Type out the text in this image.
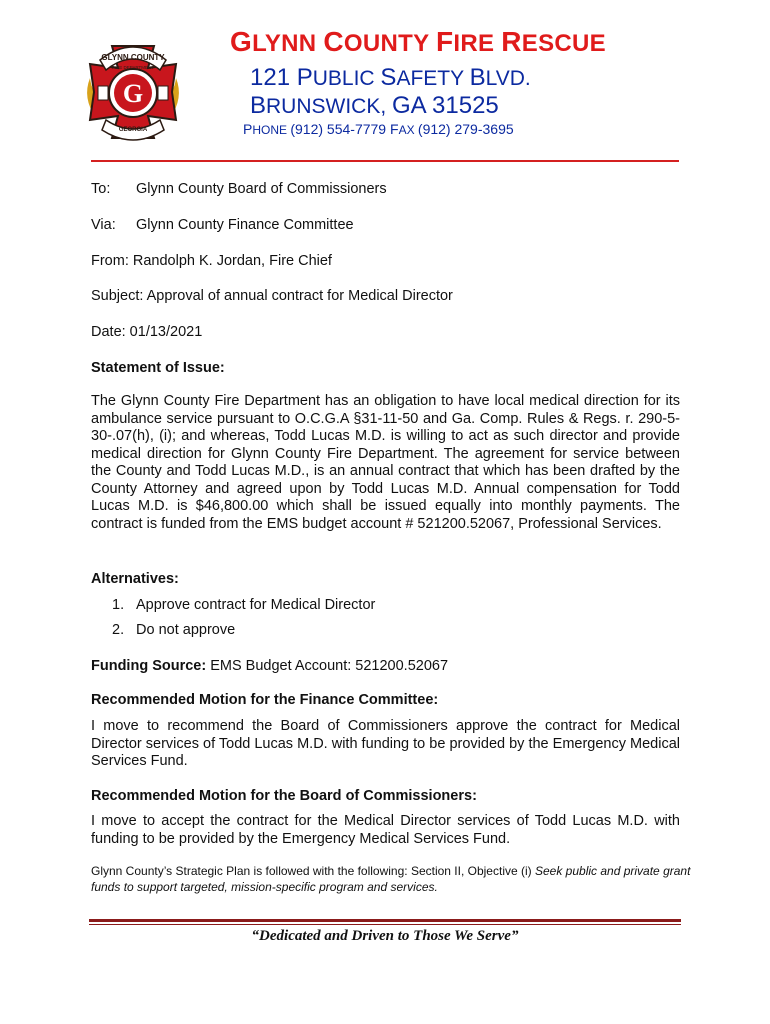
GLYNN COUNTY
FIRE DEPARTMENT
G
GEORGIA
GLYNN COUNTY FIRE RESCUE
121 PUBLIC SAFETY BLVD.
BRUNSWICK, GA 31525
PHONE (912) 554-7779 FAX (912) 279-3695
To: Glynn County Board of Commissioners
Via: Glynn County Finance Committee
From: Randolph K. Jordan, Fire Chief
Subject: Approval of annual contract for Medical Director
Date: 01/13/2021
Statement of Issue:

The Glynn County Fire Department has an obligation to have local medical direction for its ambulance service pursuant to O.C.G.A §31-11-50 and Ga. Comp. Rules & Regs. r. 290-5-30-.07(h), (i); and whereas, Todd Lucas M.D. is willing to act as such director and provide medical direction for Glynn County Fire Department. The agreement for service between the County and Todd Lucas M.D., is an annual contract that which has been drafted by the County Attorney and agreed upon by Todd Lucas M.D. Annual compensation for Todd Lucas M.D. is $46,800.00 which shall be issued equally into monthly payments. The contract is funded from the EMS budget account # 521200.52067, Professional Services.

Alternatives:
1. Approve contract for Medical Director
2. Do not approve
Funding Source: EMS Budget Account: 521200.52067
Recommended Motion for the Finance Committee:

I move to recommend the Board of Commissioners approve the contract for Medical Director services of Todd Lucas M.D. with funding to be provided by the Emergency Medical Services Fund.

Recommended Motion for the Board of Commissioners:

I move to accept the contract for the Medical Director services of Todd Lucas M.D. with funding to be provided by the Emergency Medical Services Fund.

Glynn County’s Strategic Plan is followed with the following: Section II, Objective (i) Seek public and private grant funds to support targeted, mission-specific program and services.

“Dedicated and Driven to Those We Serve”
